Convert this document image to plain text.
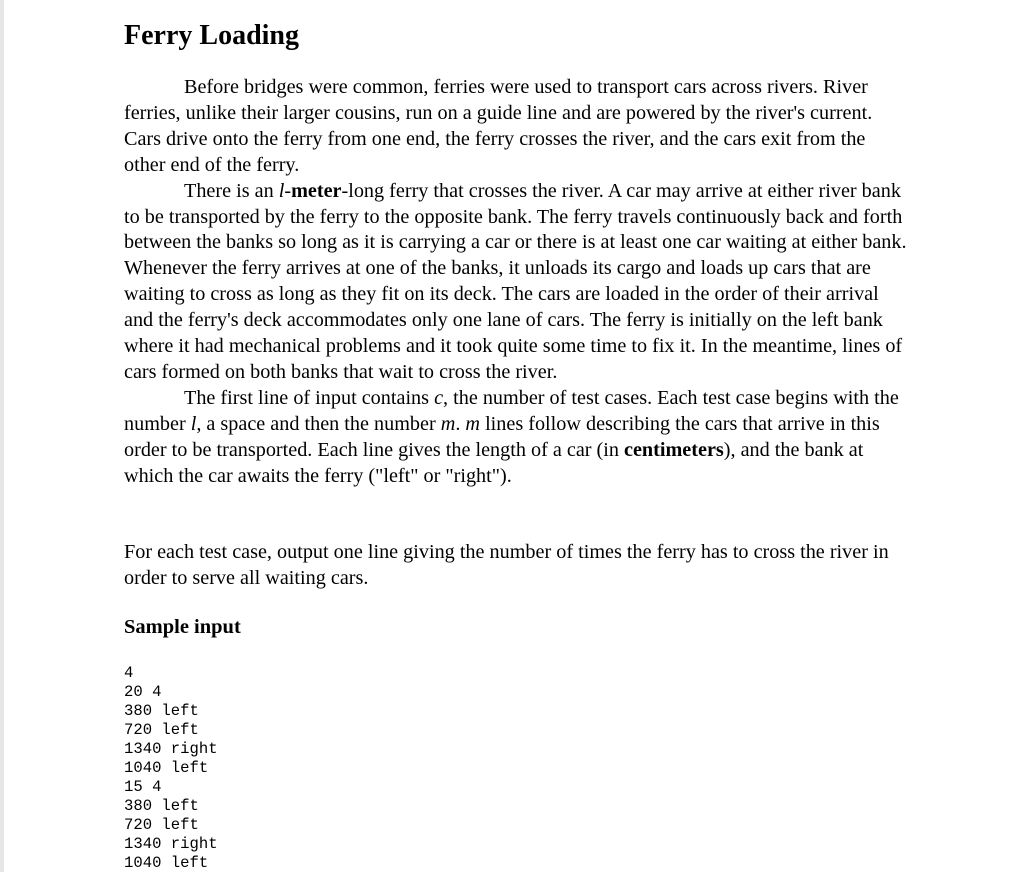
Ferry Loading

Before bridges were common, ferries were used to transport cars across rivers. River ferries, unlike their larger cousins, run on a guide line and are powered by the river's current. Cars drive onto the ferry from one end, the ferry crosses the river, and the cars exit from the other end of the ferry.

There is an l-meter-long ferry that crosses the river. A car may arrive at either river bank to be transported by the ferry to the opposite bank. The ferry travels continuously back and forth between the banks so long as it is carrying a car or there is at least one car waiting at either bank. Whenever the ferry arrives at one of the banks, it unloads its cargo and loads up cars that are waiting to cross as long as they fit on its deck. The cars are loaded in the order of their arrival and the ferry's deck accommodates only one lane of cars. The ferry is initially on the left bank where it had mechanical problems and it took quite some time to fix it. In the meantime, lines of cars formed on both banks that wait to cross the river.

The first line of input contains c, the number of test cases. Each test case begins with the number l, a space and then the number m. m lines follow describing the cars that arrive in this order to be transported. Each line gives the length of a car (in centimeters), and the bank at which the car awaits the ferry ("left" or "right").

For each test case, output one line giving the number of times the ferry has to cross the river in order to serve all waiting cars.

Sample input
4
20 4
380 left
720 left
1340 right
1040 left
15 4
380 left
720 left
1340 right
1040 left
